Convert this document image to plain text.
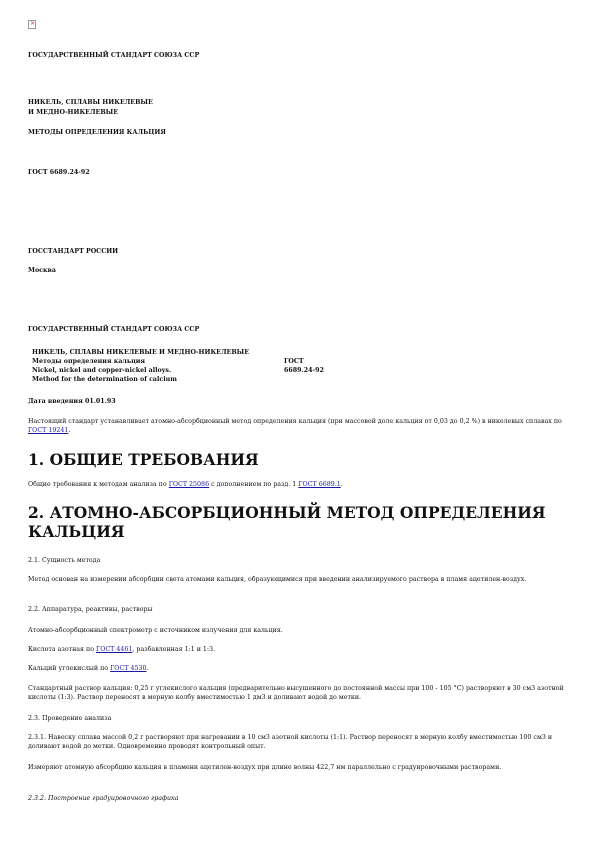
×
ГОСУДАРСТВЕННЫЙ СТАНДАРТ СОЮЗА ССР
НИКЕЛЬ, СПЛАВЫ НИКЕЛЕВЫЕ
И МЕДНО-НИКЕЛЕВЫЕ
МЕТОДЫ ОПРЕДЕЛЕНИЯ КАЛЬЦИЯ
ГОСТ 6689.24-92
ГОССТАНДАРТ РОССИИ
Москва
ГОСУДАРСТВЕННЫЙ СТАНДАРТ СОЮЗА ССР
НИКЕЛЬ, СПЛАВЫ НИКЕЛЕВЫЕ И МЕДНО-НИКЕЛЕВЫЕ
Методы определения кальция	ГОСТ
Nickel, nickel and copper-nickel alloys.	6689.24-92
Method for the determination of calcium
Дата введения 01.01.93
Настоящий стандарт устанавливает атомно-абсорбционный метод определения кальция (при массовой доле кальция от 0,03 до 0,2 %) в никелевых сплавах по ГОСТ 19241.
1. ОБЩИЕ ТРЕБОВАНИЯ
Общие требования к методам анализа по ГОСТ 25086 с дополнением по разд. 1 ГОСТ 6689.1.
2. АТОМНО-АБСОРБЦИОННЫЙ МЕТОД ОПРЕДЕЛЕНИЯ
КАЛЬЦИЯ
2.1. Сущность метода
Метод основан на измерении абсорбции света атомами кальция, образующимися при введении анализируемого раствора в пламя ацетилен-воздух.
2.2. Аппаратура, реактивы, растворы
Атомно-абсорбционный спектрометр с источником излучения для кальция.
Кислота азотная по ГОСТ 4461, разбавленная 1:1 и 1:3.
Кальций углекислый по ГОСТ 4530.
Стандартный раствор кальция: 0,25 г углекислого кальция (предварительно высушенного до постоянной массы при 100 - 105 °С) растворяют в 30 см3 азотной кислоты (1:3). Раствор переносят в мерную колбу вместимостью 1 дм3 и доливают водой до метки.
2.3. Проведение анализа
2.3.1. Навеску сплава массой 0,2 г растворяют при нагревании в 10 см3 азотной кислоты (1:1). Раствор переносят в мерную колбу вместимостью 100 см3 и доливают водой до метки. Одновременно проводят контрольный опыт.
Измеряют атомную абсорбцию кальция в пламени ацетилен-воздух при длине волны 422,7 нм параллельно с градуировочными растворами.
2.3.2. Построение градуировочного графика
